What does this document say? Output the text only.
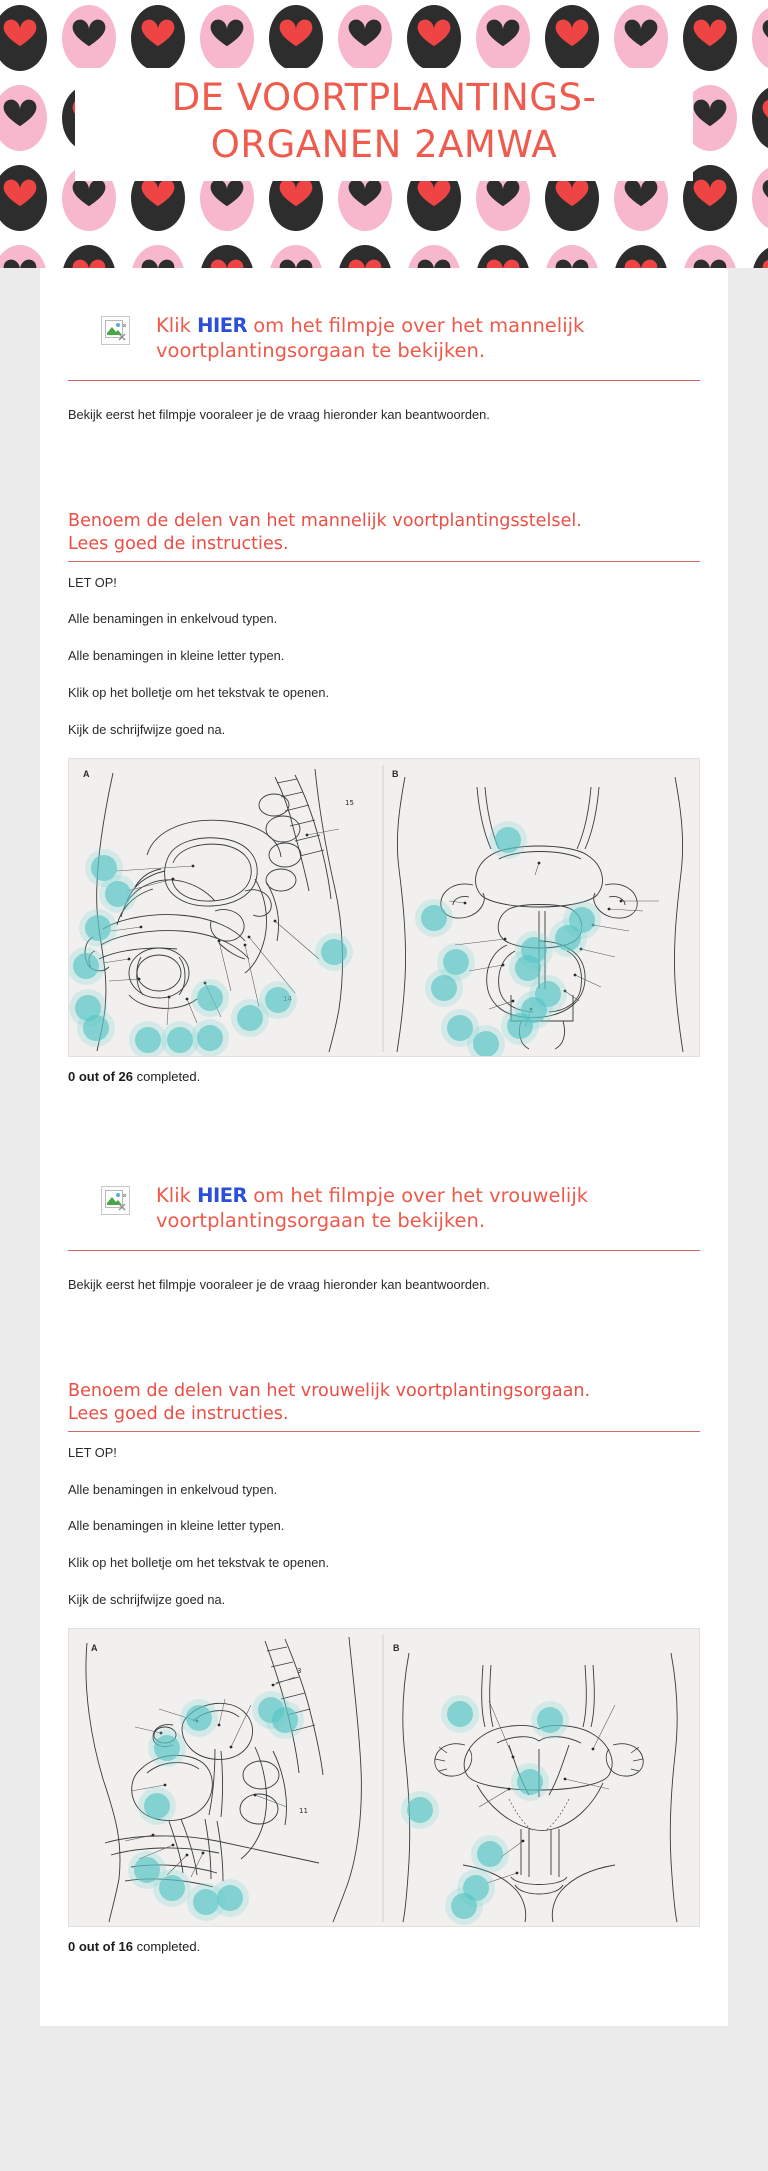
DE VOORTPLANTINGS-
ORGANEN 2AMWA
Klik HIER om het filmpje over het mannelijk voortplantingsorgaan te bekijken.

Bekijk eerst het filmpje vooraleer je de vraag hieronder kan beantwoorden.

Benoem de delen van het mannelijk voortplantingsstelsel.
Lees goed de instructies.
LET OP!
Alle benamingen in enkelvoud typen.
Alle benamingen in kleine letter typen.
Klik op het bolletje om het tekstvak te openen.
Kijk de schrijfwijze goed na.
A	B
15

0 out of 26 completed.

Klik HIER om het filmpje over het vrouwelijk voortplantingsorgaan te bekijken.

Bekijk eerst het filmpje vooraleer je de vraag hieronder kan beantwoorden.

Benoem de delen van het vrouwelijk voortplantingsorgaan.
Lees goed de instructies.
LET OP!
Alle benamingen in enkelvoud typen.
Alle benamingen in kleine letter typen.
Klik op het bolletje om het tekstvak te openen.
Kijk de schrijfwijze goed na.
A	B
3
11

0 out of 16 completed.
